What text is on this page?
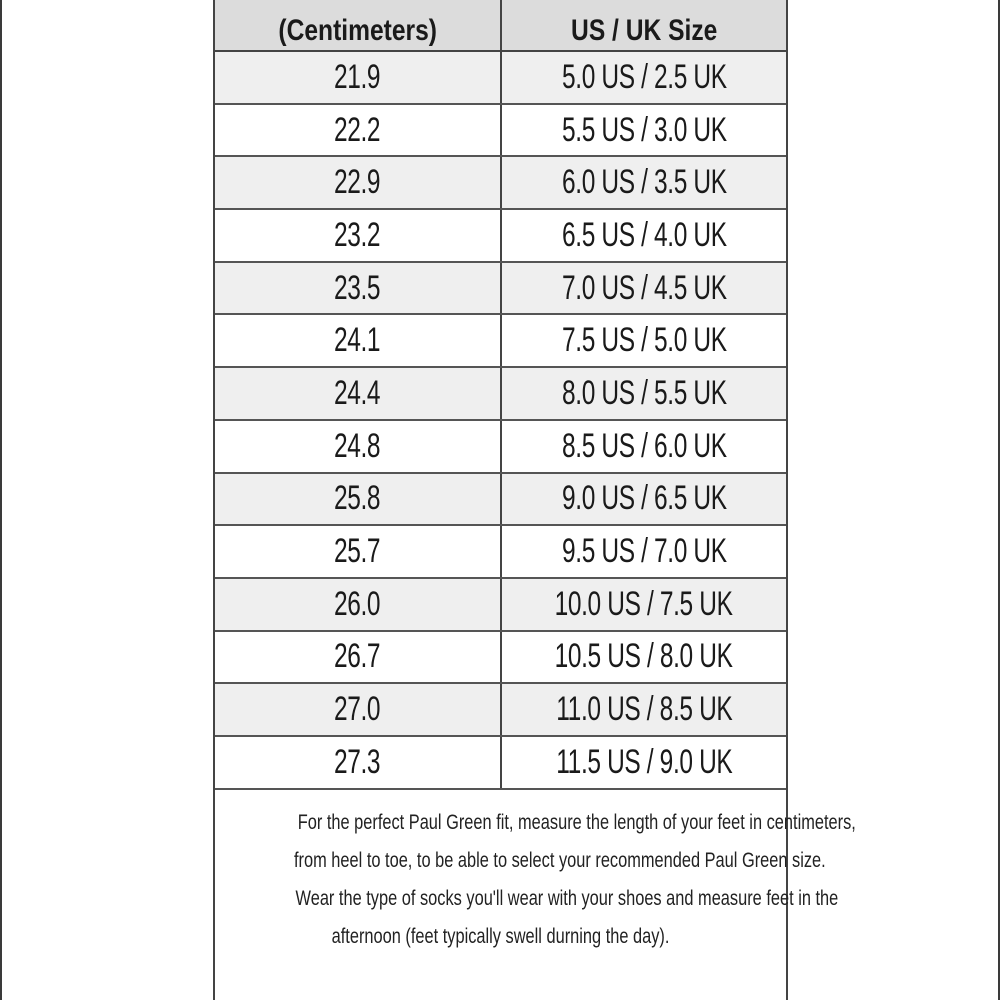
(Centimeters)	US / UK Size
21.9	5.0 US / 2.5 UK
22.2	5.5 US / 3.0 UK
22.9	6.0 US / 3.5 UK
23.2	6.5 US / 4.0 UK
23.5	7.0 US / 4.5 UK
24.1	7.5 US / 5.0 UK
24.4	8.0 US / 5.5 UK
24.8	8.5 US / 6.0 UK
25.8	9.0 US / 6.5 UK
25.7	9.5 US / 7.0 UK
26.0	10.0 US / 7.5 UK
26.7	10.5 US / 8.0 UK
27.0	11.0 US / 8.5 UK
27.3	11.5 US / 9.0 UK
For the perfect Paul Green fit, measure the length of your feet in centimeters,
from heel to toe, to be able to select your recommended Paul Green size.
Wear the type of socks you'll wear with your shoes and measure feet in the
afternoon (feet typically swell durning the day).
